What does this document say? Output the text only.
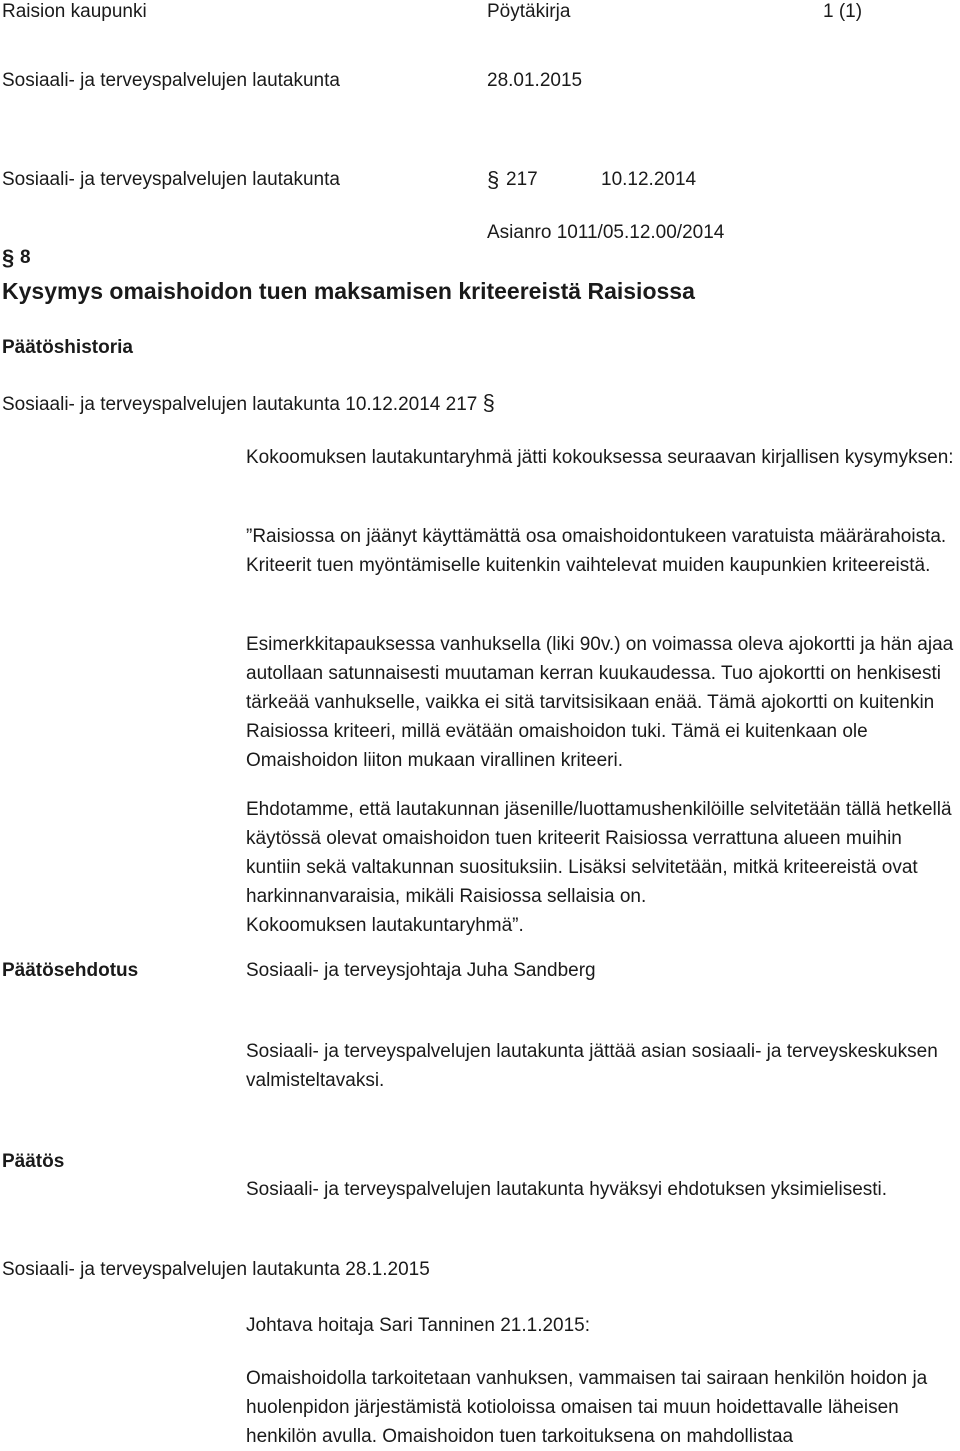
Raision kaupunki	Pöytäkirja	1 (1)
Sosiaali- ja terveyspalvelujen lautakunta	28.01.2015
Sosiaali- ja terveyspalvelujen lautakunta	§ 217	10.12.2014
Asianro 1011/05.12.00/2014
§ 8
Kysymys omaishoidon tuen maksamisen kriteereistä Raisiossa
Päätöshistoria
Sosiaali- ja terveyspalvelujen lautakunta 10.12.2014 217 §

Kokoomuksen lautakuntaryhmä jätti kokouksessa seuraavan kirjallisen kysymyksen:

”Raisiossa on jäänyt käyttämättä osa omaishoidontukeen varatuista määrärahoista. Kriteerit tuen myöntämiselle kuitenkin vaihtelevat muiden kaupunkien kriteereistä.

Esimerkkitapauksessa vanhuksella (liki 90v.) on voimassa oleva ajokortti ja hän ajaa autollaan satunnaisesti muutaman kerran kuukaudessa. Tuo ajokortti on henkisesti tärkeää vanhukselle, vaikka ei sitä tarvitsisikaan enää. Tämä ajokortti on kuitenkin Raisiossa kriteeri, millä evätään omaishoidon tuki. Tämä ei kuitenkaan ole Omaishoidon liiton mukaan virallinen kriteeri.

Ehdotamme, että lautakunnan jäsenille/luottamushenkilöille selvitetään tällä hetkellä käytössä olevat omaishoidon tuen kriteerit Raisiossa verrattuna alueen muihin kuntiin sekä valtakunnan suosituksiin. Lisäksi selvitetään, mitkä kriteereistä ovat harkinnanvaraisia, mikäli Raisiossa sellaisia on.

Kokoomuksen lautakuntaryhmä”.

Päätösehdotus	Sosiaali- ja terveysjohtaja Juha Sandberg

Sosiaali- ja terveyspalvelujen lautakunta jättää asian sosiaali- ja terveyskeskuksen valmisteltavaksi.

Päätös
Sosiaali- ja terveyspalvelujen lautakunta hyväksyi ehdotuksen yksimielisesti.
Sosiaali- ja terveyspalvelujen lautakunta 28.1.2015
Johtava hoitaja Sari Tanninen 21.1.2015:

Omaishoidolla tarkoitetaan vanhuksen, vammaisen tai sairaan henkilön hoidon ja huolenpidon järjestämistä kotioloissa omaisen tai muun hoidettavalle läheisen henkilön avulla. Omaishoidon tuen tarkoituksena on mahdollistaa
